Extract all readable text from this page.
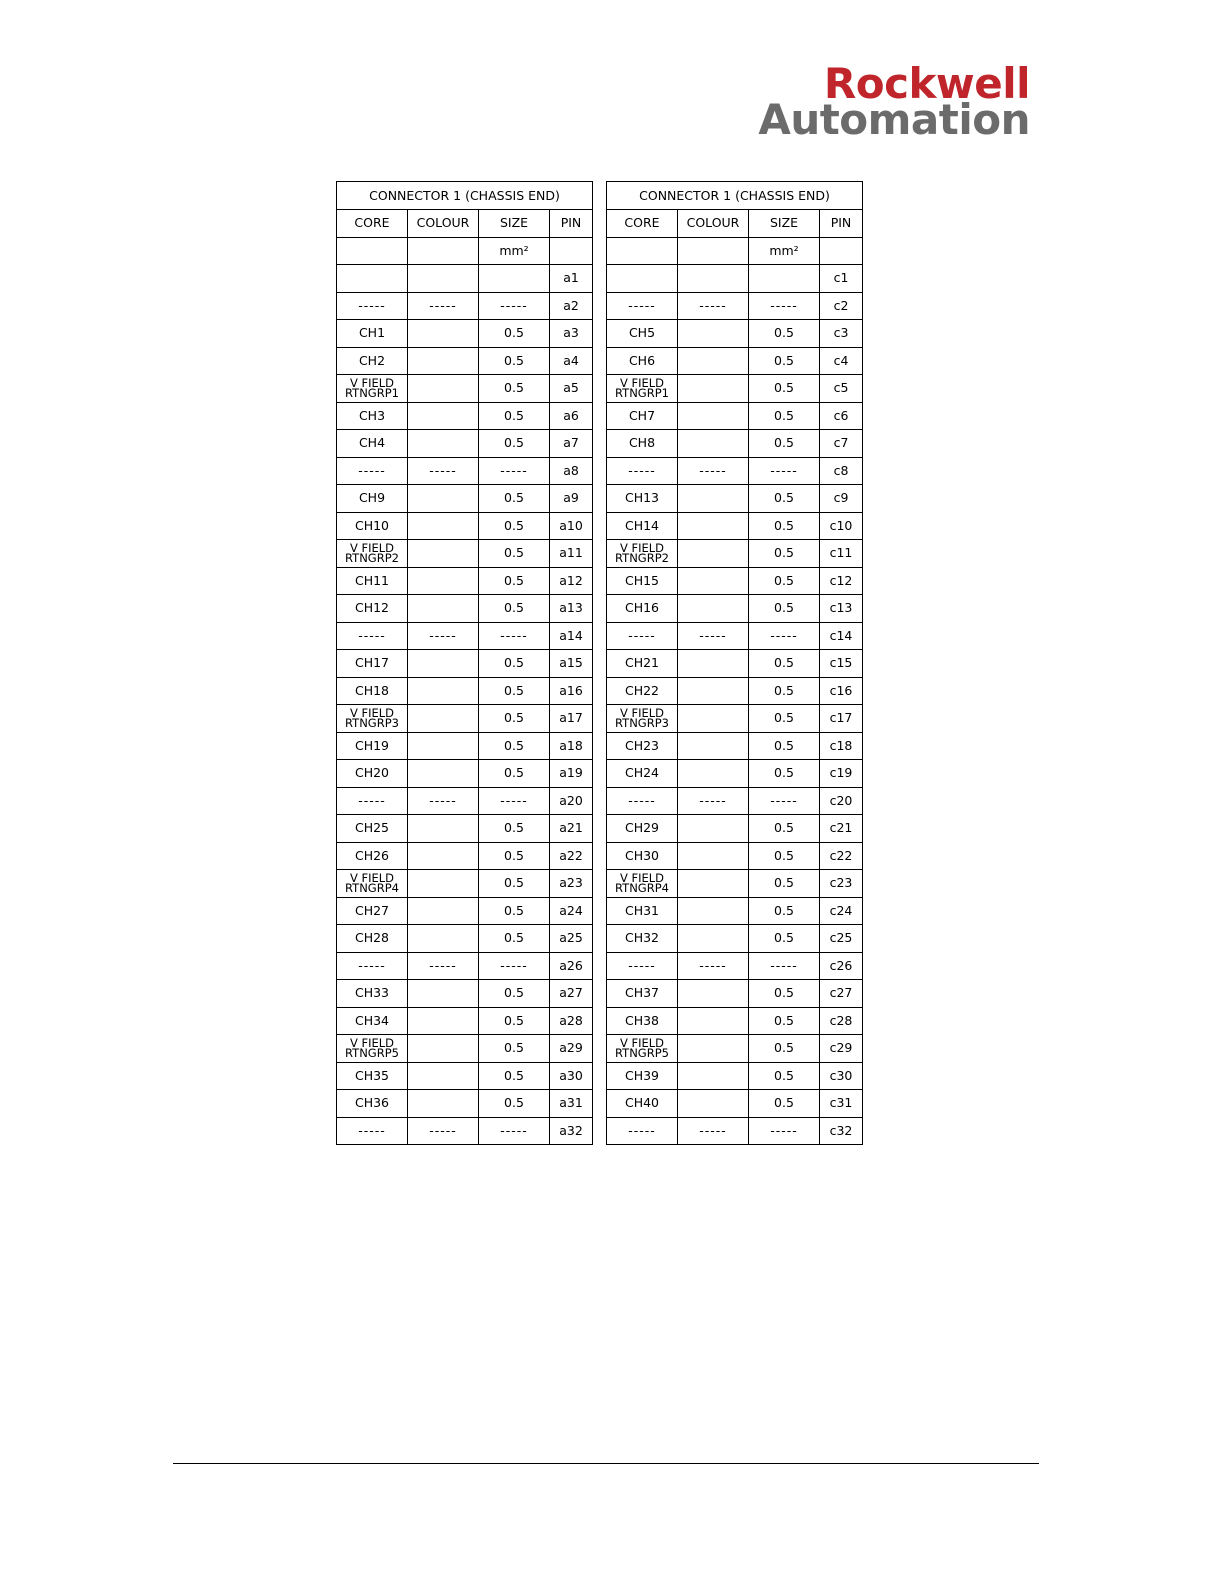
Rockwell
Automation
CONNECTOR 1 (CHASSIS END)			
CORE	COLOUR	SIZE	PIN
		mm²	
			a1
-----	-----	-----	a2
CH1		0.5	a3
CH2		0.5	a4
V FIELD RTNGRP1		0.5	a5
CH3		0.5	a6
CH4		0.5	a7
-----	-----	-----	a8
CH9		0.5	a9
CH10		0.5	a10
V FIELD RTNGRP2		0.5	a11
CH11		0.5	a12
CH12		0.5	a13
-----	-----	-----	a14
CH17		0.5	a15
CH18		0.5	a16
V FIELD RTNGRP3		0.5	a17
CH19		0.5	a18
CH20		0.5	a19
-----	-----	-----	a20
CH25		0.5	a21
CH26		0.5	a22
V FIELD RTNGRP4		0.5	a23
CH27		0.5	a24
CH28		0.5	a25
-----	-----	-----	a26
CH33		0.5	a27
CH34		0.5	a28
V FIELD RTNGRP5		0.5	a29
CH35		0.5	a30
CH36		0.5	a31
-----	-----	-----	a32
CONNECTOR 1 (CHASSIS END)			
CORE	COLOUR	SIZE	PIN
		mm²	
			c1
-----	-----	-----	c2
CH5		0.5	c3
CH6		0.5	c4
V FIELD RTNGRP1		0.5	c5
CH7		0.5	c6
CH8		0.5	c7
-----	-----	-----	c8
CH13		0.5	c9
CH14		0.5	c10
V FIELD RTNGRP2		0.5	c11
CH15		0.5	c12
CH16		0.5	c13
-----	-----	-----	c14
CH21		0.5	c15
CH22		0.5	c16
V FIELD RTNGRP3		0.5	c17
CH23		0.5	c18
CH24		0.5	c19
-----	-----	-----	c20
CH29		0.5	c21
CH30		0.5	c22
V FIELD RTNGRP4		0.5	c23
CH31		0.5	c24
CH32		0.5	c25
-----	-----	-----	c26
CH37		0.5	c27
CH38		0.5	c28
V FIELD RTNGRP5		0.5	c29
CH39		0.5	c30
CH40		0.5	c31
-----	-----	-----	c32
